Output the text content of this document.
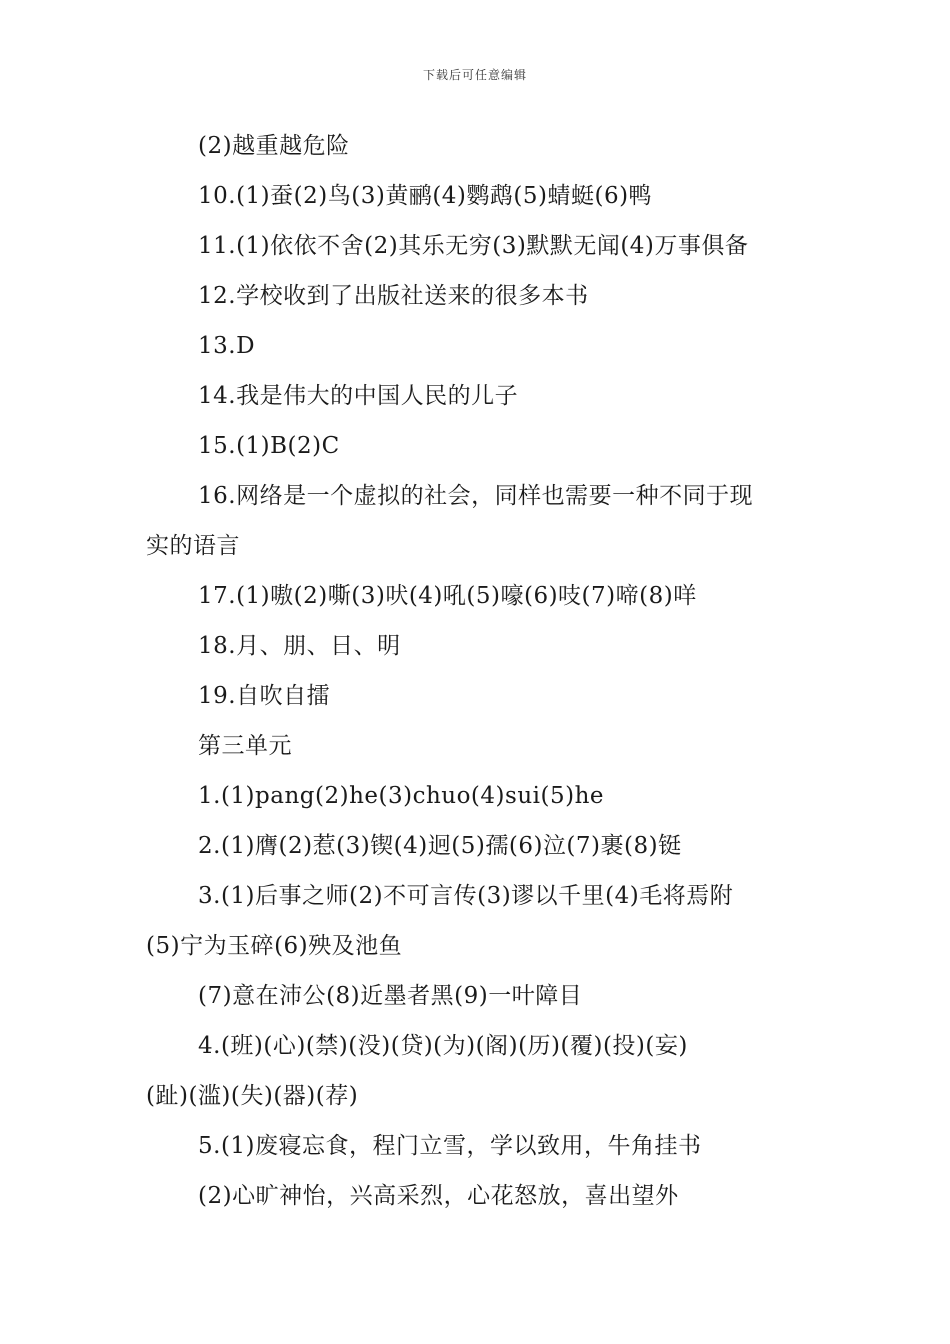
下载后可任意编辑
(2)越重越危险
10.(1)蚕(2)鸟(3)黄鹂(4)鹦鹉(5)蜻蜓(6)鸭
11.(1)依依不舍(2)其乐无穷(3)默默无闻(4)万事俱备
12.学校收到了出版社送来的很多本书
13.D
14.我是伟大的中国人民的儿子
15.(1)B(2)C
16.网络是一个虚拟的社会，同样也需要一种不同于现
实的语言
17.(1)嗷(2)嘶(3)吠(4)吼(5)嚎(6)吱(7)啼(8)咩
18.月、朋、日、明
19.自吹自擂
第三单元
1.(1)pang(2)he(3)chuo(4)sui(5)he
2.(1)膺(2)惹(3)锲(4)迥(5)孺(6)泣(7)裹(8)铤
3.(1)后事之师(2)不可言传(3)谬以千里(4)毛将焉附
(5)宁为玉碎(6)殃及池鱼
(7)意在沛公(8)近墨者黑(9)一叶障目
4.(班)(心)(禁)(没)(贷)(为)(阁)(历)(覆)(投)(妄)
(趾)(滥)(失)(器)(荐)
5.(1)废寝忘食，程门立雪，学以致用，牛角挂书
(2)心旷神怡，兴高采烈，心花怒放，喜出望外
